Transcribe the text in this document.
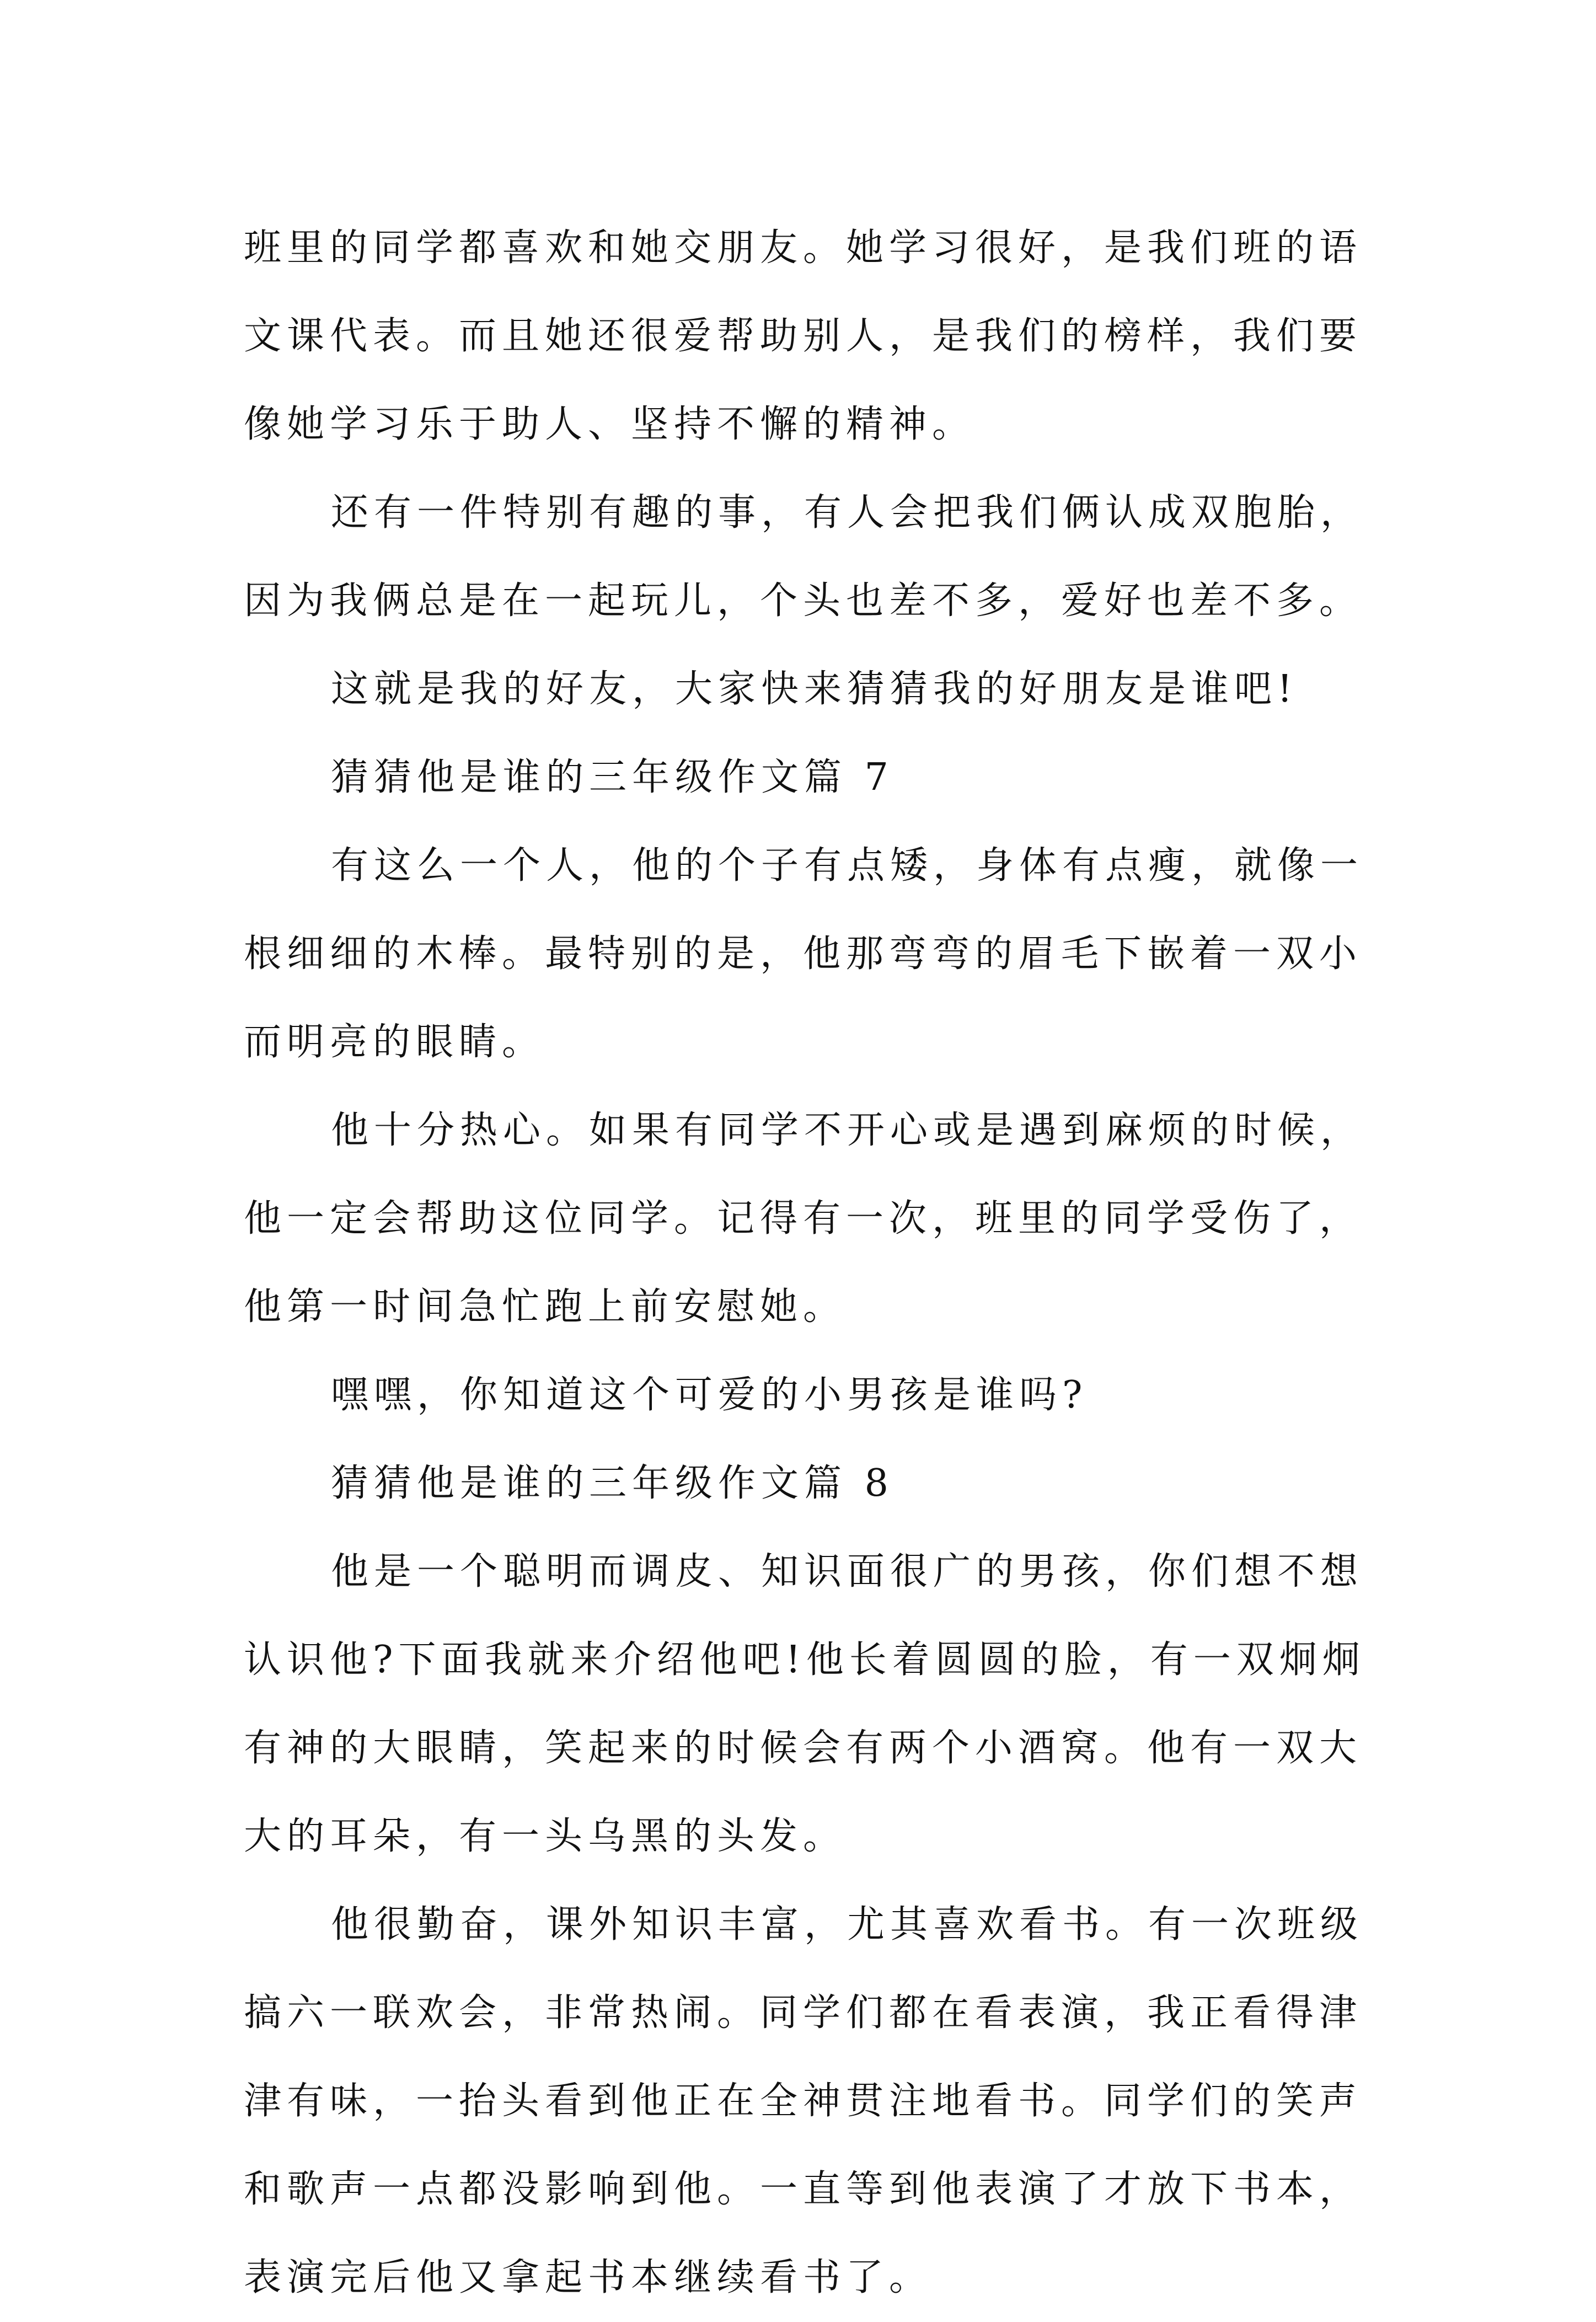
班里的同学都喜欢和她交朋友。她学习很好，是我们班的语
文课代表。而且她还很爱帮助别人，是我们的榜样，我们要
像她学习乐于助人、坚持不懈的精神。
还有一件特别有趣的事，有人会把我们俩认成双胞胎，
因为我俩总是在一起玩儿，个头也差不多，爱好也差不多。
这就是我的好友，大家快来猜猜我的好朋友是谁吧!
猜猜他是谁的三年级作文篇 7
有这么一个人，他的个子有点矮，身体有点瘦，就像一
根细细的木棒。最特别的是，他那弯弯的眉毛下嵌着一双小
而明亮的眼睛。
他十分热心。如果有同学不开心或是遇到麻烦的时候，
他一定会帮助这位同学。记得有一次，班里的同学受伤了，
他第一时间急忙跑上前安慰她。
嘿嘿，你知道这个可爱的小男孩是谁吗?
猜猜他是谁的三年级作文篇 8
他是一个聪明而调皮、知识面很广的男孩，你们想不想
认识他?下面我就来介绍他吧!他长着圆圆的脸，有一双炯炯
有神的大眼睛，笑起来的时候会有两个小酒窝。他有一双大
大的耳朵，有一头乌黑的头发。
他很勤奋，课外知识丰富，尤其喜欢看书。有一次班级
搞六一联欢会，非常热闹。同学们都在看表演，我正看得津
津有味，一抬头看到他正在全神贯注地看书。同学们的笑声
和歌声一点都没影响到他。一直等到他表演了才放下书本，
表演完后他又拿起书本继续看书了。
